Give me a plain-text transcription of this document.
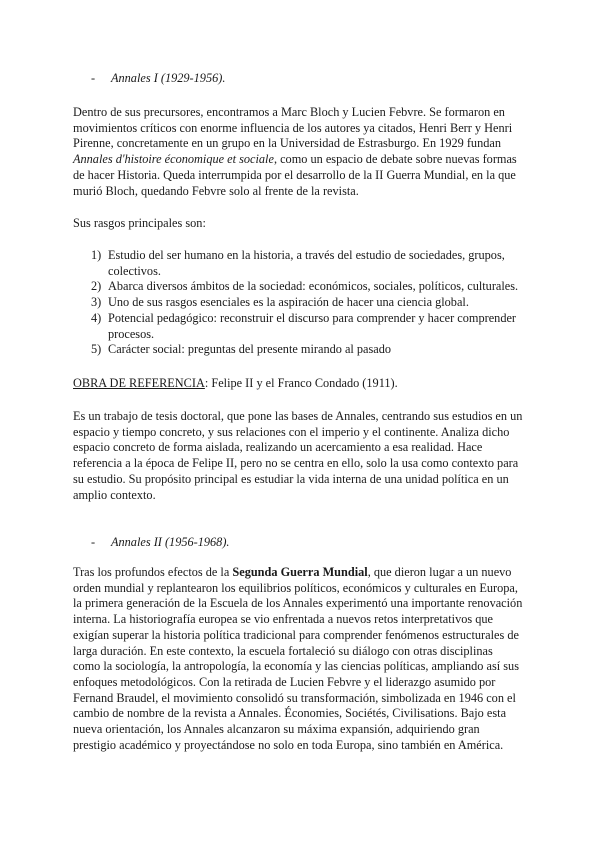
- Annales I (1929-1956).

Dentro de sus precursores, encontramos a Marc Bloch y Lucien Febvre. Se formaron en movimientos críticos con enorme influencia de los autores ya citados, Henri Berr y Henri Pirenne, concretamente en un grupo en la Universidad de Estrasburgo. En 1929 fundan Annales d'histoire économique et sociale, como un espacio de debate sobre nuevas formas de hacer Historia. Queda interrumpida por el desarrollo de la II Guerra Mundial, en la que murió Bloch, quedando Febvre solo al frente de la revista.

Sus rasgos principales son:

1) Estudio del ser humano en la historia, a través del estudio de sociedades, grupos, colectivos.
2) Abarca diversos ámbitos de la sociedad: económicos, sociales, políticos, culturales.
3) Uno de sus rasgos esenciales es la aspiración de hacer una ciencia global.
4) Potencial pedagógico: reconstruir el discurso para comprender y hacer comprender procesos.
5) Carácter social: preguntas del presente mirando al pasado

OBRA DE REFERENCIA: Felipe II y el Franco Condado (1911).

Es un trabajo de tesis doctoral, que pone las bases de Annales, centrando sus estudios en un espacio y tiempo concreto, y sus relaciones con el imperio y el continente. Analiza dicho espacio concreto de forma aislada, realizando un acercamiento a esa realidad. Hace referencia a la época de Felipe II, pero no se centra en ello, solo la usa como contexto para su estudio. Su propósito principal es estudiar la vida interna de una unidad política en un amplio contexto.

- Annales II (1956-1968).

Tras los profundos efectos de la Segunda Guerra Mundial, que dieron lugar a un nuevo orden mundial y replantearon los equilibrios políticos, económicos y culturales en Europa, la primera generación de la Escuela de los Annales experimentó una importante renovación interna. La historiografía europea se vio enfrentada a nuevos retos interpretativos que exigían superar la historia política tradicional para comprender fenómenos estructurales de larga duración. En este contexto, la escuela fortaleció su diálogo con otras disciplinas como la sociología, la antropología, la economía y las ciencias políticas, ampliando así sus enfoques metodológicos. Con la retirada de Lucien Febvre y el liderazgo asumido por Fernand Braudel, el movimiento consolidó su transformación, simbolizada en 1946 con el cambio de nombre de la revista a Annales. Économies, Sociétés, Civilisations. Bajo esta nueva orientación, los Annales alcanzaron su máxima expansión, adquiriendo gran prestigio académico y proyectándose no solo en toda Europa, sino también en América.
